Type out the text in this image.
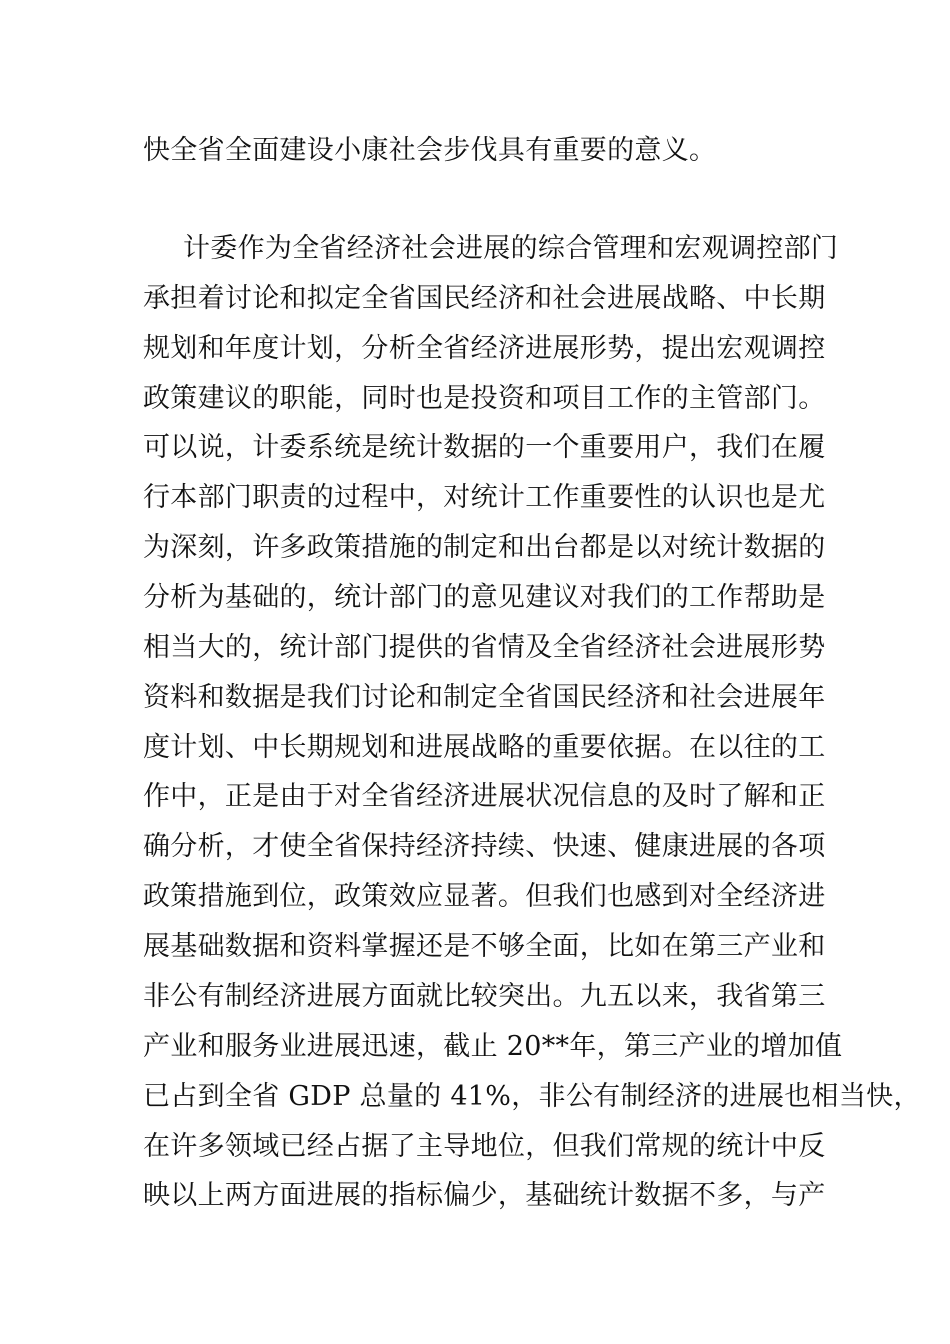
快全省全面建设小康社会步伐具有重要的意义。
计委作为全省经济社会进展的综合管理和宏观调控部门
承担着讨论和拟定全省国民经济和社会进展战略、中长期
规划和年度计划，分析全省经济进展形势，提出宏观调控
政策建议的职能，同时也是投资和项目工作的主管部门。
可以说，计委系统是统计数据的一个重要用户，我们在履
行本部门职责的过程中，对统计工作重要性的认识也是尤
为深刻，许多政策措施的制定和出台都是以对统计数据的
分析为基础的，统计部门的意见建议对我们的工作帮助是
相当大的，统计部门提供的省情及全省经济社会进展形势
资料和数据是我们讨论和制定全省国民经济和社会进展年
度计划、中长期规划和进展战略的重要依据。在以往的工
作中，正是由于对全省经济进展状况信息的及时了解和正
确分析，才使全省保持经济持续、快速、健康进展的各项
政策措施到位，政策效应显著。但我们也感到对全经济进
展基础数据和资料掌握还是不够全面，比如在第三产业和
非公有制经济进展方面就比较突出。九五以来，我省第三
产业和服务业进展迅速，截止 20**年，第三产业的增加值
已占到全省 GDP 总量的 41%，非公有制经济的进展也相当快，
在许多领域已经占据了主导地位，但我们常规的统计中反
映以上两方面进展的指标偏少，基础统计数据不多，与产
